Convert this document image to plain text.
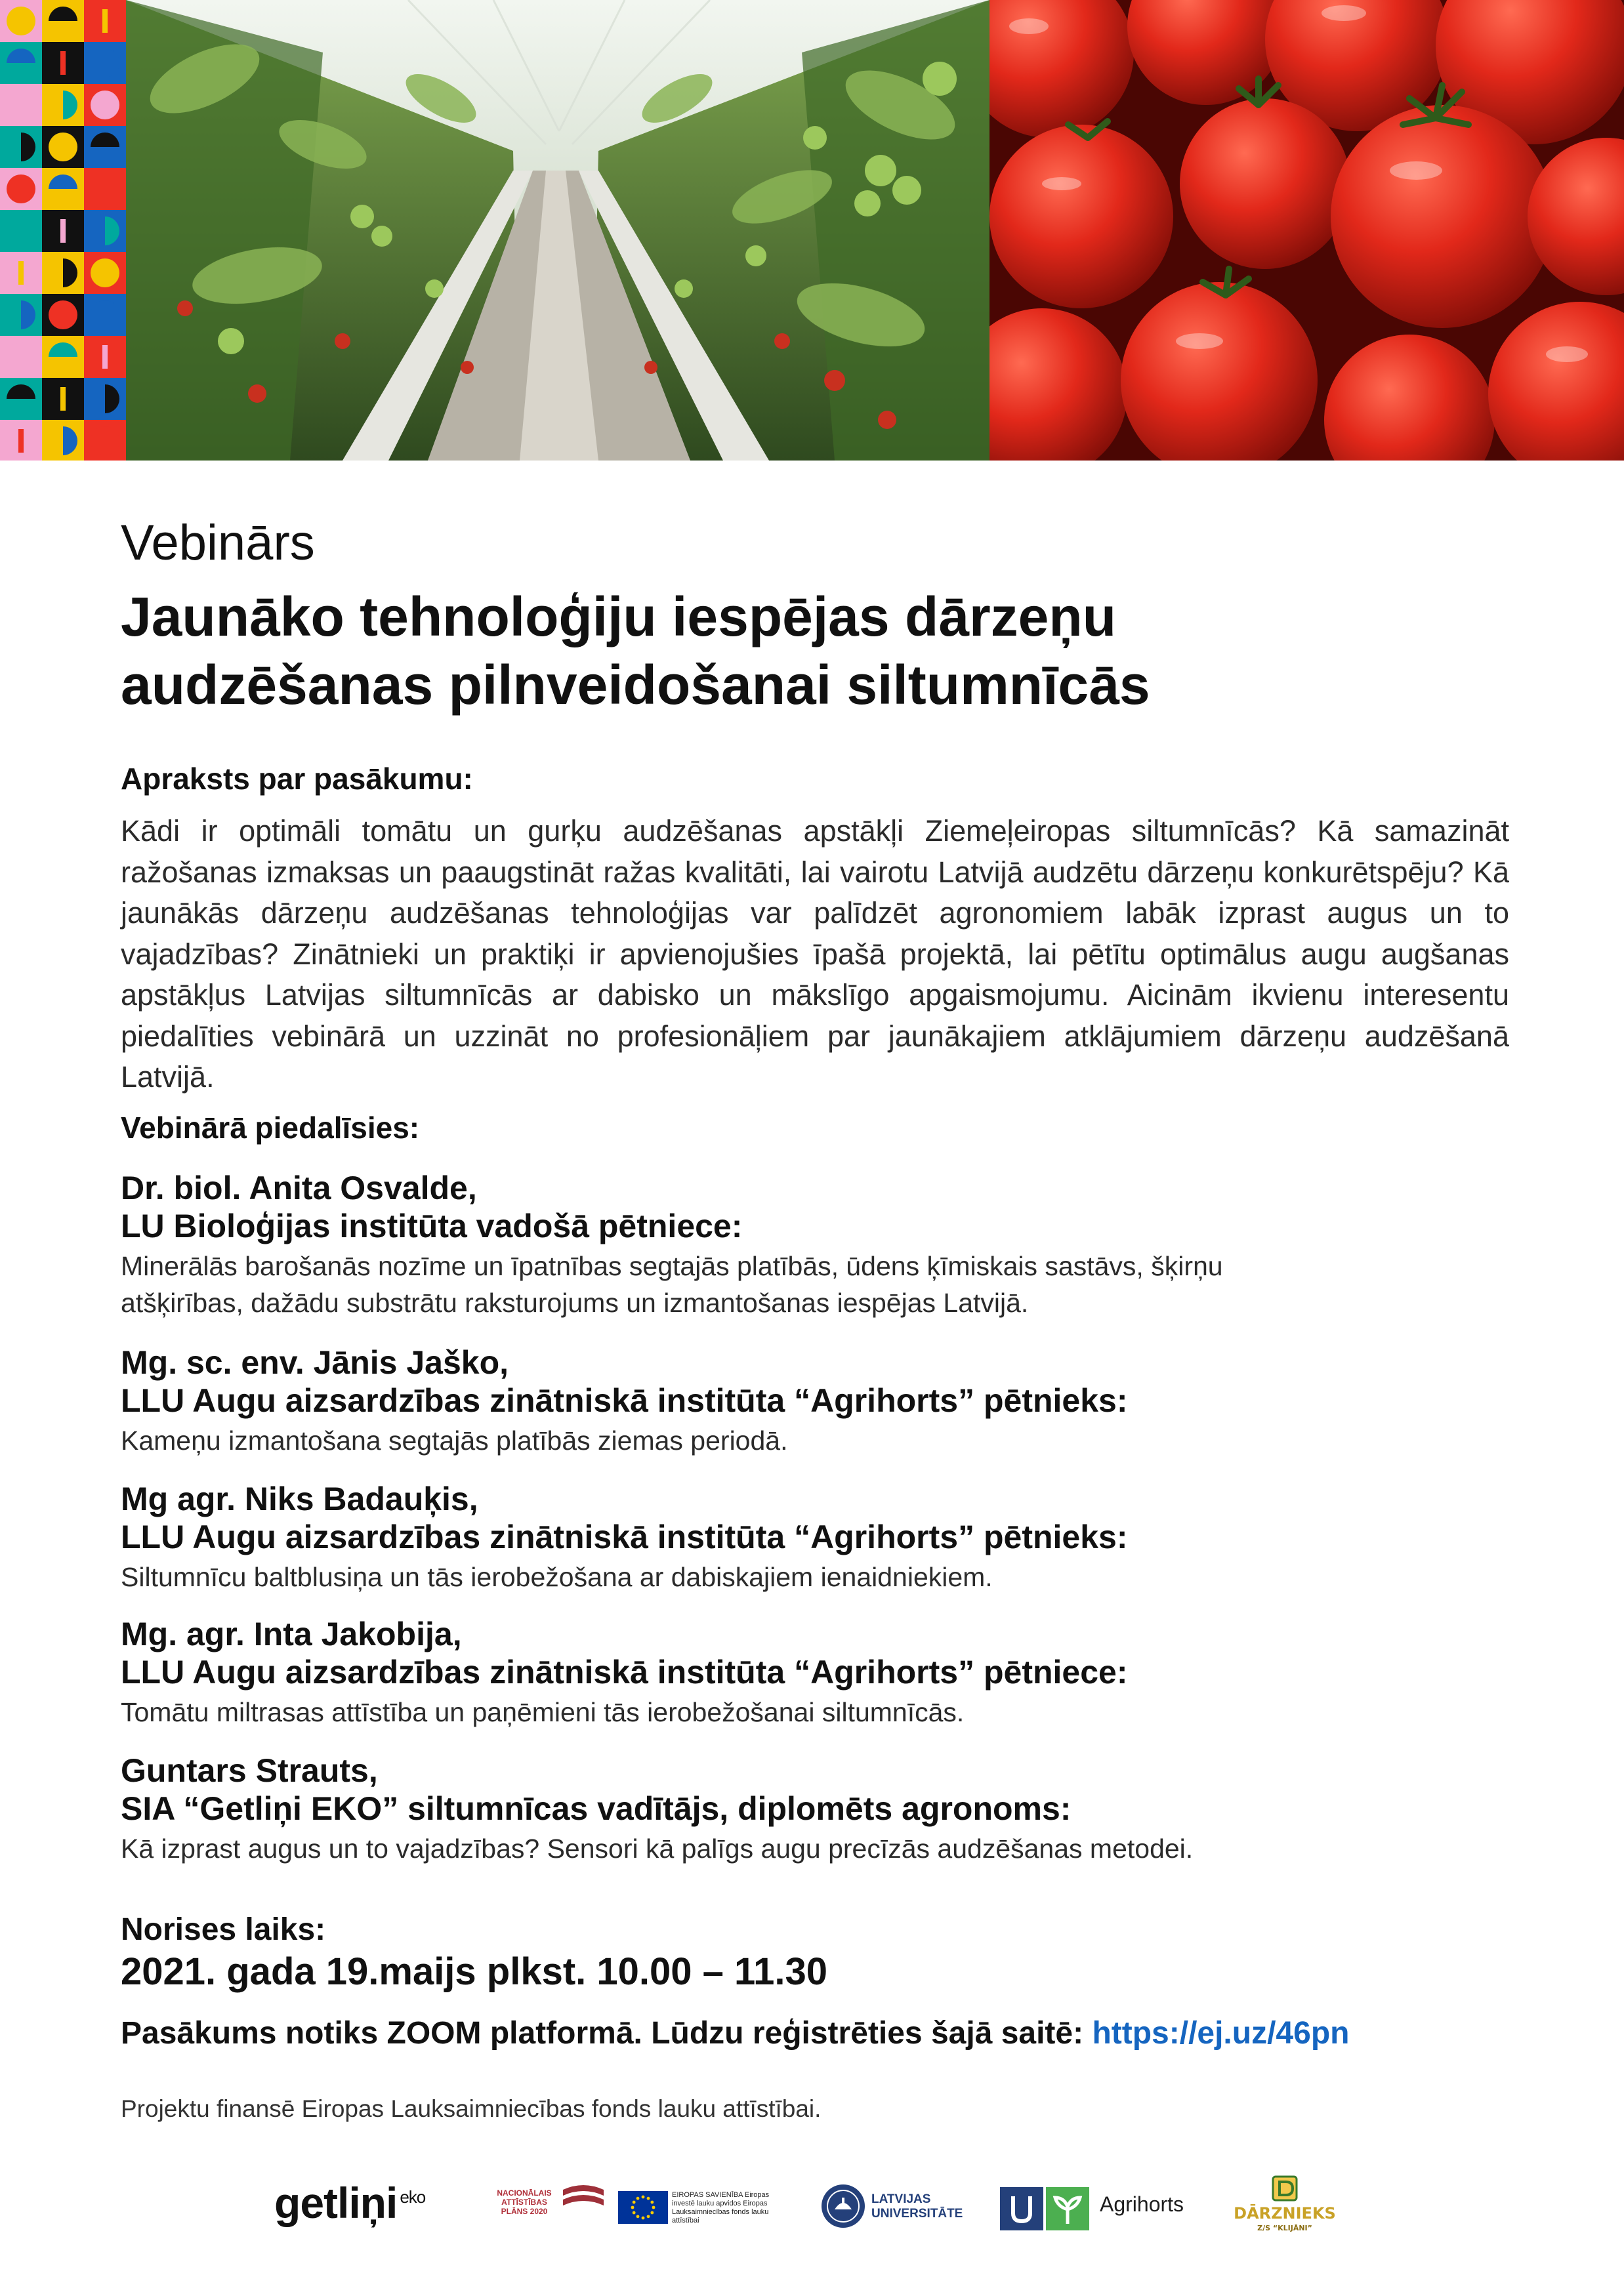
Vebinārs
Jaunāko tehnoloģiju iespējas dārzeņu
audzēšanas pilnveidošanai siltumnīcās
Apraksts par pasākumu:
Kādi ir optimāli tomātu un gurķu audzēšanas apstākļi Ziemeļeiropas siltumnīcās? Kā samazināt ražošanas izmaksas un paaugstināt ražas kvalitāti, lai vairotu Latvijā audzētu dārzeņu konkurētspēju? Kā jaunākās dārzeņu audzēšanas tehnoloģijas var palīdzēt agronomiem labāk izprast augus un to vajadzības? Zinātnieki un praktiķi ir apvienojušies īpašā projektā, lai pētītu optimālus augu augšanas apstākļus Latvijas siltumnīcās ar dabisko un mākslīgo apgaismojumu. Aicinām ikvienu interesentu piedalīties vebinārā un uzzināt no profesionāļiem par jaunākajiem atklājumiem dārzeņu audzēšanā Latvijā.
Vebinārā piedalīsies:
Dr. biol. Anita Osvalde,
LU Bioloģijas institūta vadošā pētniece:
Minerālās barošanās nozīme un īpatnības segtajās platībās, ūdens ķīmiskais sastāvs, šķirņu
atšķirības, dažādu substrātu raksturojums un izmantošanas iespējas Latvijā.
Mg. sc. env. Jānis Jaško,
LLU Augu aizsardzības zinātniskā institūta “Agrihorts” pētnieks:
Kameņu izmantošana segtajās platībās ziemas periodā.
Mg agr. Niks Badauķis,
LLU Augu aizsardzības zinātniskā institūta “Agrihorts” pētnieks:
Siltumnīcu baltblusiņa un tās ierobežošana ar dabiskajiem ienaidniekiem.
Mg. agr. Inta Jakobija,
LLU Augu aizsardzības zinātniskā institūta “Agrihorts” pētniece:
Tomātu miltrasas attīstība un paņēmieni tās ierobežošanai siltumnīcās.
Guntars Strauts,
SIA “Getliņi EKO” siltumnīcas vadītājs, diplomēts agronoms:
Kā izprast augus un to vajadzības? Sensori kā palīgs augu precīzās audzēšanas metodei.
Norises laiks:
2021. gada 19.maijs plkst. 10.00 – 11.30
Pasākums notiks ZOOM platformā. Lūdzu reģistrēties šajā saitē: https://ej.uz/46pn
Projektu finansē Eiropas Lauksaimniecības fonds lauku attīstībai.
getliņi $^{eko}$	NACIONĀLAIS ATTĪSTĪBAS PLĀNS 2020
EIROPAS SAVIENĪBA Eiropas investē lauku apvidos Eiropas Lauksaimniecības fonds lauku attīstībai
LATVIJAS
UNIVERSITĀTE	Agrihorts	DĀRZNIEKS
Z/S “KLIJĀNI”
